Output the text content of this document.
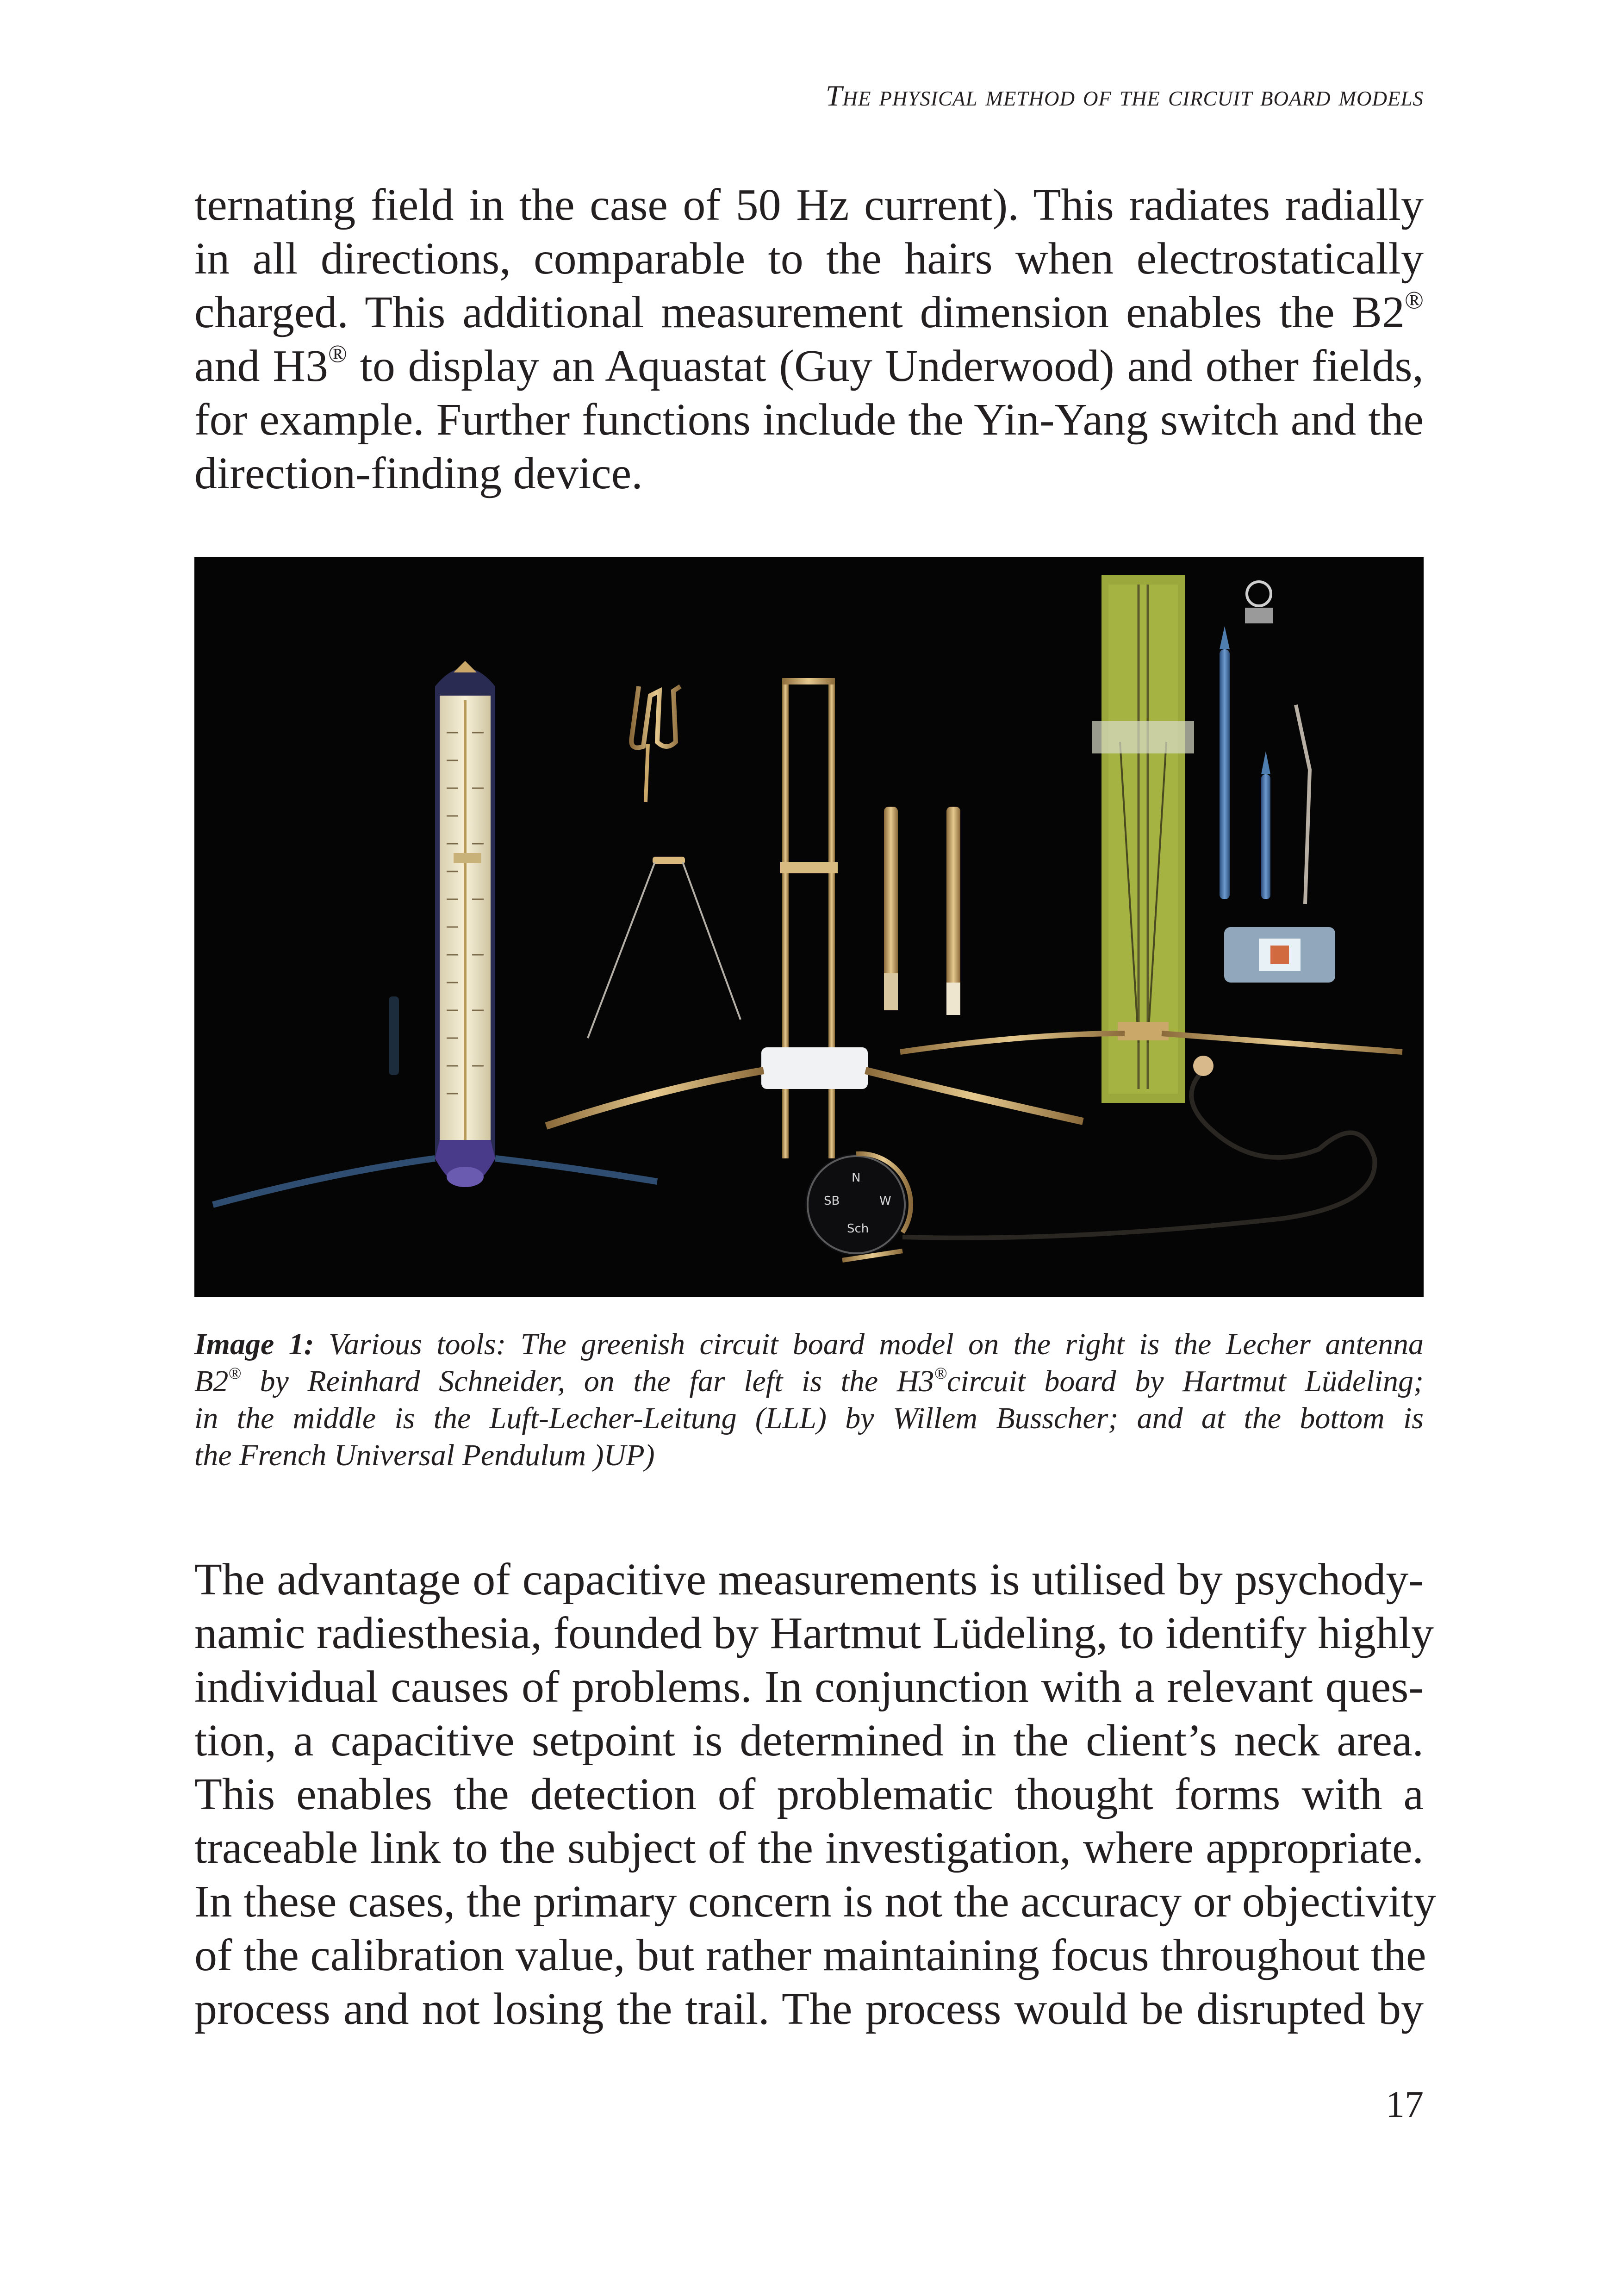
The physical method of the circuit board models
ternating field in the case of 50 Hz current). This radiates radially
in all directions, comparable to the hairs when electrostatically
charged. This additional measurement dimension enables the B2®
and H3® to display an Aquastat (Guy Underwood) and other fields,
for example. Further functions include the Yin-Yang switch and the
direction-finding device.
SB
N
W
Sch
Image 1: Various tools: The greenish circuit board model on the right is the Lecher antenna
B2® by Reinhard Schneider, on the far left is the H3®circuit board by Hartmut Lüdeling;
in the middle is the Luft-Lecher-Leitung (LLL) by Willem Busscher; and at the bottom is
the French Universal Pendulum )UP)
The advantage of capacitive measurements is utilised by psychody-
namic radiesthesia, founded by Hartmut Lüdeling, to identify highly
individual causes of problems. In conjunction with a relevant ques-
tion, a capacitive setpoint is determined in the client’s neck area.
This enables the detection of problematic thought forms with a
traceable link to the subject of the investigation, where appropriate.
In these cases, the primary concern is not the accuracy or objectivity
of the calibration value, but rather maintaining focus throughout the
process and not losing the trail. The process would be disrupted by
17
